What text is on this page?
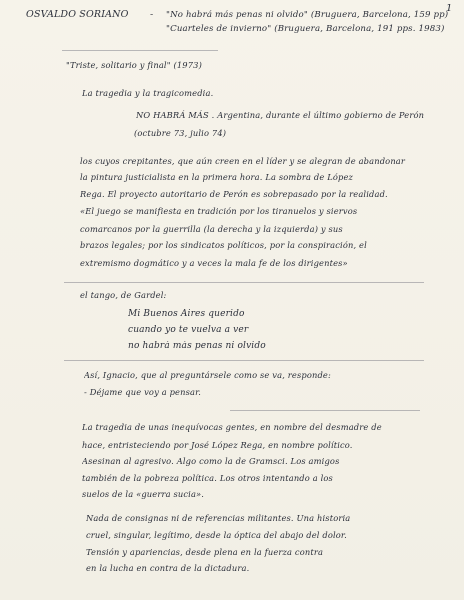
OSVALDO SORIANO - "No habrá más penas ni olvido" (Bruguera, Barcelona, 159 pp)
"Cuarteles de invierno" (Bruguera, Barcelona, 191 pps. 1983)
1
"Triste, solitario y final" (1973)
La tragedia y la tragicomedia.
NO HABRÁ MÁS . Argentina, durante el último gobierno de Perón
(octubre 73, julio 74)
los cuyos crepitantes, que aún creen en el líder y se alegran de abandonar
la pintura justicialista en la primera hora. La sombra de López
Rega. El proyecto autoritario de Perón es sobrepasado por la realidad.
«El juego se manifiesta en tradición por los tiranuelos y siervos
comarcanos por la guerrilla (la derecha y la izquierda) y sus
brazos legales; por los sindicatos políticos, por la conspiración, el
extremismo dogmático y a veces la mala fe de los dirigentes»
el tango, de Gardel:
Mi Buenos Aires querido
cuando yo te vuelva a ver
no habrá más penas ni olvido
Así, Ignacio, que al preguntársele como se va, responde:
- Déjame que voy a pensar.
La tragedia de unas inequívocas gentes, en nombre del desmadre de
hace, entristeciendo por José López Rega, en nombre político.
Asesinan al agresivo. Algo como la de Gramsci. Los amigos
también de la pobreza política. Los otros intentando a los
suelos de la «guerra sucia».
Nada de consignas ni de referencias militantes. Una historia
cruel, singular, legítimo, desde la óptica del abajo del dolor.
Tensión y apariencias, desde plena en la fuerza contra
en la lucha en contra de la dictadura.
